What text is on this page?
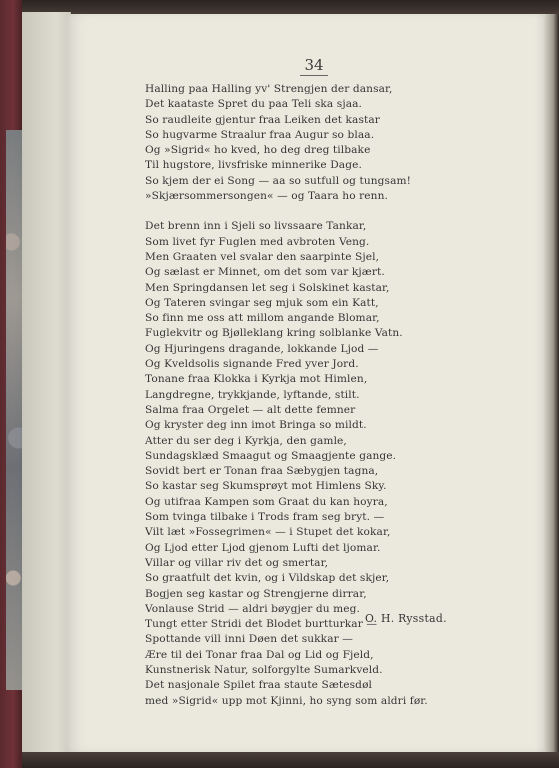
34
Halling paa Halling yv' Strengjen der dansar,
Det kaataste Spret du paa Teli ska sjaa.
So raudleite gjentur fraa Leiken det kastar
So hugvarme Straalur fraa Augur so blaa.
Og »Sigrid« ho kved, ho deg dreg tilbake
Til hugstore, livsfriske minnerike Dage.
So kjem der ei Song — aa so sutfull og tungsam!
»Skjærsommersongen« — og Taara ho renn.
Det brenn inn i Sjeli so livssaare Tankar,
Som livet fyr Fuglen med avbroten Veng.
Men Graaten vel svalar den saarpinte Sjel,
Og sælast er Minnet, om det som var kjært.
Men Springdansen let seg i Solskinet kastar,
Og Tateren svingar seg mjuk som ein Katt,
So finn me oss att millom angande Blomar,
Fuglekvitr og Bjølleklang kring solblanke Vatn.
Og Hjuringens dragande, lokkande Ljod —
Og Kveldsolis signande Fred yver Jord.
Tonane fraa Klokka i Kyrkja mot Himlen,
Langdregne, trykkjande, lyftande, stilt.
Salma fraa Orgelet — alt dette femner
Og kryster deg inn imot Bringa so mildt.
Atter du ser deg i Kyrkja, den gamle,
Sundagsklæd Smaagut og Smaagjente gange.
Sovidt bert er Tonan fraa Sæbygjen tagna,
So kastar seg Skumsprøyt mot Himlens Sky.
Og utifraa Kampen som Graat du kan hoyra,
Som tvinga tilbake i Trods fram seg bryt. —
Vilt læt »Fossegrimen« — i Stupet det kokar,
Og Ljod etter Ljod gjenom Lufti det ljomar.
Villar og villar riv det og smertar,
So graatfult det kvin, og i Vildskap det skjer,
Bogjen seg kastar og Strengjerne dirrar,
Vonlause Strid — aldri bøygjer du meg.
Tungt etter Stridi det Blodet burtturkar —
Spottande vill inni Døen det sukkar —
Ære til dei Tonar fraa Dal og Lid og Fjeld,
Kunstnerisk Natur, solforgylte Sumarkveld.
Det nasjonale Spilet fraa staute Sætesdøl
med »Sigrid« upp mot Kjinni, ho syng som aldri før.
O. H. Rysstad.
